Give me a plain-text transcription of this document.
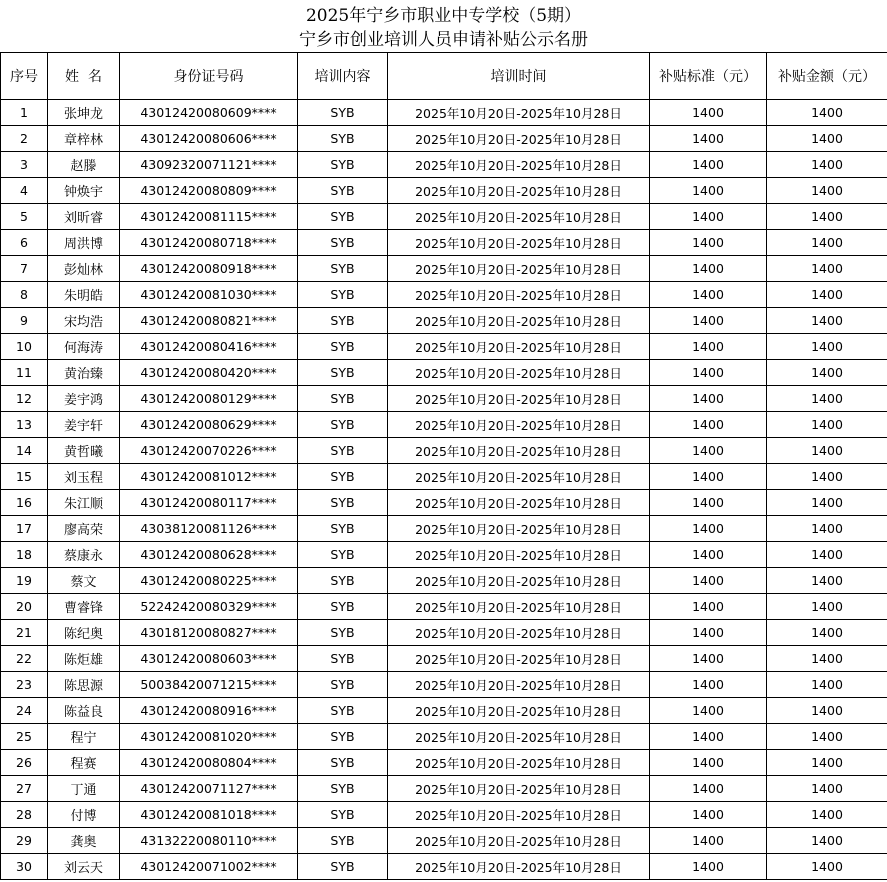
2025年宁乡市职业中专学校（5期）
宁乡市创业培训人员申请补贴公示名册
序号	姓  名	身份证号码	培训内容	培训时间	补贴标准（元）	补贴金额（元）
1	张坤龙	43012420080609****	SYB	2025年10月20日-2025年10月28日	1400	1400
2	章梓林	43012420080606****	SYB	2025年10月20日-2025年10月28日	1400	1400
3	赵滕	43092320071121****	SYB	2025年10月20日-2025年10月28日	1400	1400
4	钟焕宇	43012420080809****	SYB	2025年10月20日-2025年10月28日	1400	1400
5	刘昕睿	43012420081115****	SYB	2025年10月20日-2025年10月28日	1400	1400
6	周洪博	43012420080718****	SYB	2025年10月20日-2025年10月28日	1400	1400
7	彭灿林	43012420080918****	SYB	2025年10月20日-2025年10月28日	1400	1400
8	朱明皓	43012420081030****	SYB	2025年10月20日-2025年10月28日	1400	1400
9	宋均浩	43012420080821****	SYB	2025年10月20日-2025年10月28日	1400	1400
10	何海涛	43012420080416****	SYB	2025年10月20日-2025年10月28日	1400	1400
11	黄治臻	43012420080420****	SYB	2025年10月20日-2025年10月28日	1400	1400
12	姜宇鸿	43012420080129****	SYB	2025年10月20日-2025年10月28日	1400	1400
13	姜宇轩	43012420080629****	SYB	2025年10月20日-2025年10月28日	1400	1400
14	黄哲曦	43012420070226****	SYB	2025年10月20日-2025年10月28日	1400	1400
15	刘玉程	43012420081012****	SYB	2025年10月20日-2025年10月28日	1400	1400
16	朱江顺	43012420080117****	SYB	2025年10月20日-2025年10月28日	1400	1400
17	廖高荣	43038120081126****	SYB	2025年10月20日-2025年10月28日	1400	1400
18	蔡康永	43012420080628****	SYB	2025年10月20日-2025年10月28日	1400	1400
19	蔡文	43012420080225****	SYB	2025年10月20日-2025年10月28日	1400	1400
20	曹睿锋	52242420080329****	SYB	2025年10月20日-2025年10月28日	1400	1400
21	陈纪奥	43018120080827****	SYB	2025年10月20日-2025年10月28日	1400	1400
22	陈炬雄	43012420080603****	SYB	2025年10月20日-2025年10月28日	1400	1400
23	陈思源	50038420071215****	SYB	2025年10月20日-2025年10月28日	1400	1400
24	陈益良	43012420080916****	SYB	2025年10月20日-2025年10月28日	1400	1400
25	程宁	43012420081020****	SYB	2025年10月20日-2025年10月28日	1400	1400
26	程赛	43012420080804****	SYB	2025年10月20日-2025年10月28日	1400	1400
27	丁通	43012420071127****	SYB	2025年10月20日-2025年10月28日	1400	1400
28	付博	43012420081018****	SYB	2025年10月20日-2025年10月28日	1400	1400
29	龚奥	43132220080110****	SYB	2025年10月20日-2025年10月28日	1400	1400
30	刘云天	43012420071002****	SYB	2025年10月20日-2025年10月28日	1400	1400
